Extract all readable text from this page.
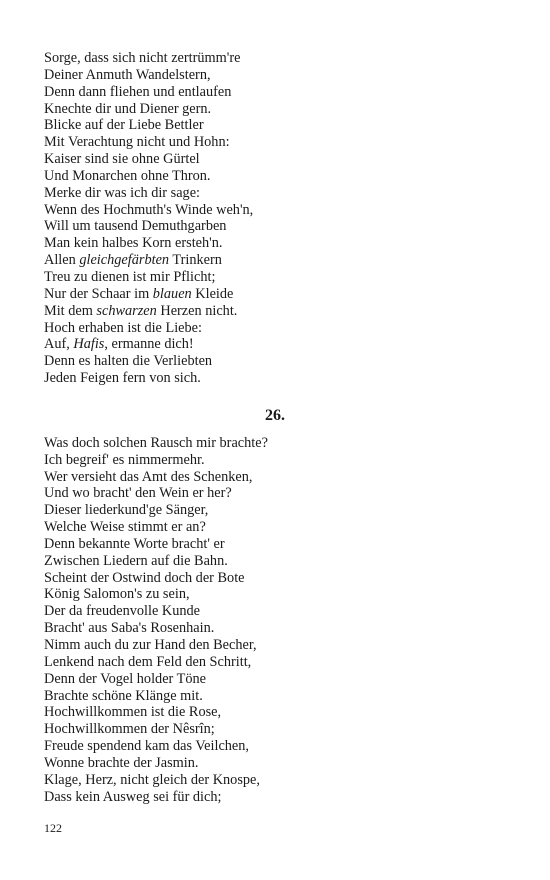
Sorge, dass sich nicht zertrümm're
Deiner Anmuth Wandelstern,
Denn dann fliehen und entlaufen
Knechte dir und Diener gern.
Blicke auf der Liebe Bettler
Mit Verachtung nicht und Hohn:
Kaiser sind sie ohne Gürtel
Und Monarchen ohne Thron.
Merke dir was ich dir sage:
Wenn des Hochmuth's Winde weh'n,
Will um tausend Demuthgarben
Man kein halbes Korn ersteh'n.
Allen gleichgefärbten Trinkern
Treu zu dienen ist mir Pflicht;
Nur der Schaar im blauen Kleide
Mit dem schwarzen Herzen nicht.
Hoch erhaben ist die Liebe:
Auf, Hafis, ermanne dich!
Denn es halten die Verliebten
Jeden Feigen fern von sich.
26.
Was doch solchen Rausch mir brachte?
Ich begreif' es nimmermehr.
Wer versieht das Amt des Schenken,
Und wo bracht' den Wein er her?
Dieser liederkund'ge Sänger,
Welche Weise stimmt er an?
Denn bekannte Worte bracht' er
Zwischen Liedern auf die Bahn.
Scheint der Ostwind doch der Bote
König Salomon's zu sein,
Der da freudenvolle Kunde
Bracht' aus Saba's Rosenhain.
Nimm auch du zur Hand den Becher,
Lenkend nach dem Feld den Schritt,
Denn der Vogel holder Töne
Brachte schöne Klänge mit.
Hochwillkommen ist die Rose,
Hochwillkommen der Nêsrîn;
Freude spendend kam das Veilchen,
Wonne brachte der Jasmin.
Klage, Herz, nicht gleich der Knospe,
Dass kein Ausweg sei für dich;
122
